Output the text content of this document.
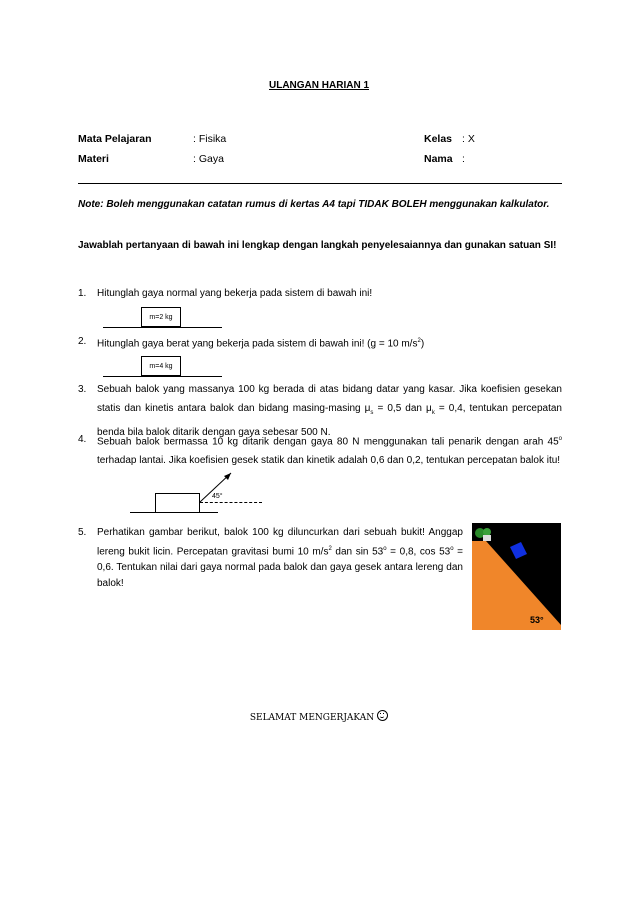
ULANGAN HARIAN 1
Mata Pelajaran	: Fisika
Materi	: Gaya
Kelas : X
Nama :
Note: Boleh menggunakan catatan rumus di kertas A4 tapi TIDAK BOLEH menggunakan kalkulator.
Jawablah pertanyaan di bawah ini lengkap dengan langkah penyelesaiannya dan gunakan satuan SI!
1. Hitunglah gaya normal yang bekerja pada sistem di bawah ini!
m=2 kg
2. Hitunglah gaya berat yang bekerja pada sistem di bawah ini! (g = 10 $m/s^2$)
m=4 kg
3. Sebuah balok yang massanya 100 kg berada di atas bidang datar yang kasar. Jika koefisien gesekan statis dan kinetis antara balok dan bidang masing-masing $\mu_s = 0,5$ dan $\mu_k = 0,4$, tentukan percepatan benda bila balok ditarik dengan gaya sebesar 500 N.
4. Sebuah balok bermassa 10 kg ditarik dengan gaya 80 N menggunakan tali penarik dengan arah 45$^o$ terhadap lantai. Jika koefisien gesek statik dan kinetik adalah 0,6 dan 0,2, tentukan percepatan balok itu!
45°
5. Perhatikan gambar berikut, balok 100 kg diluncurkan dari sebuah bukit! Anggap lereng bukit licin. Percepatan gravitasi bumi 10 $m/s^2$ dan $\sin 53^o = 0,8$, $\cos 53^o = 0,6$. Tentukan nilai dari gaya normal pada balok dan gaya gesek antara lereng dan balok!
53°
SELAMAT MENGERJAKAN
